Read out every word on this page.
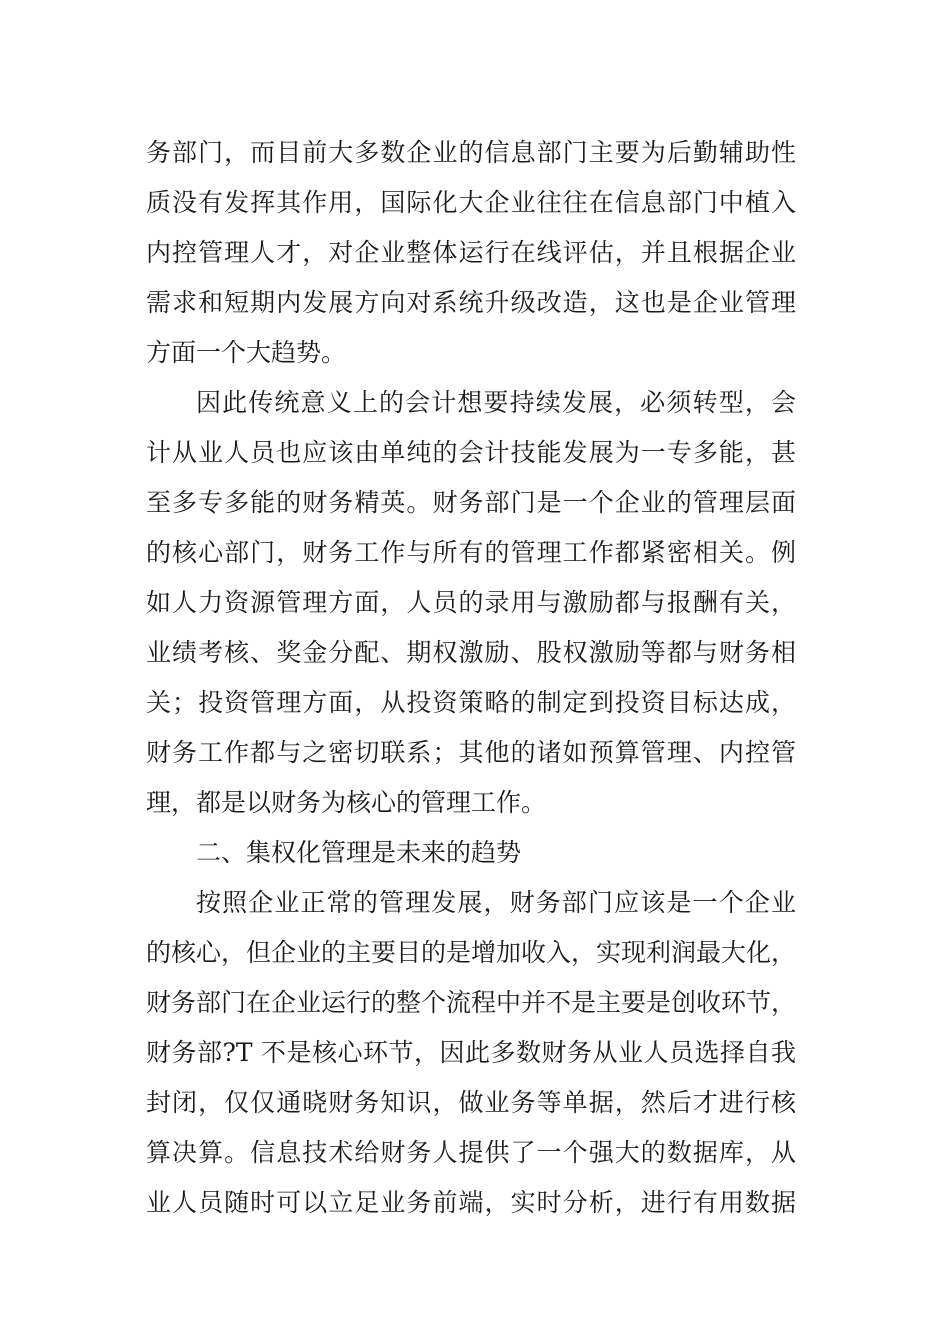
务部门，而目前大多数企业的信息部门主要为后勤辅助性
质没有发挥其作用，国际化大企业往往在信息部门中植入
内控管理人才，对企业整体运行在线评估，并且根据企业
需求和短期内发展方向对系统升级改造，这也是企业管理
方面一个大趋势。
因此传统意义上的会计想要持续发展，必须转型，会
计从业人员也应该由单纯的会计技能发展为一专多能，甚
至多专多能的财务精英。财务部门是一个企业的管理层面
的核心部门，财务工作与所有的管理工作都紧密相关。例
如人力资源管理方面，人员的录用与激励都与报酬有关，
业绩考核、奖金分配、期权激励、股权激励等都与财务相
关；投资管理方面，从投资策略的制定到投资目标达成，
财务工作都与之密切联系；其他的诸如预算管理、内控管
理，都是以财务为核心的管理工作。
二、集权化管理是未来的趋势
按照企业正常的管理发展，财务部门应该是一个企业
的核心，但企业的主要目的是增加收入，实现利润最大化，
财务部门在企业运行的整个流程中并不是主要是创收环节，
财务部?T 不是核心环节，因此多数财务从业人员选择自我
封闭，仅仅通晓财务知识，做业务等单据，然后才进行核
算决算。信息技术给财务人提供了一个强大的数据库，从
业人员随时可以立足业务前端，实时分析，进行有用数据
